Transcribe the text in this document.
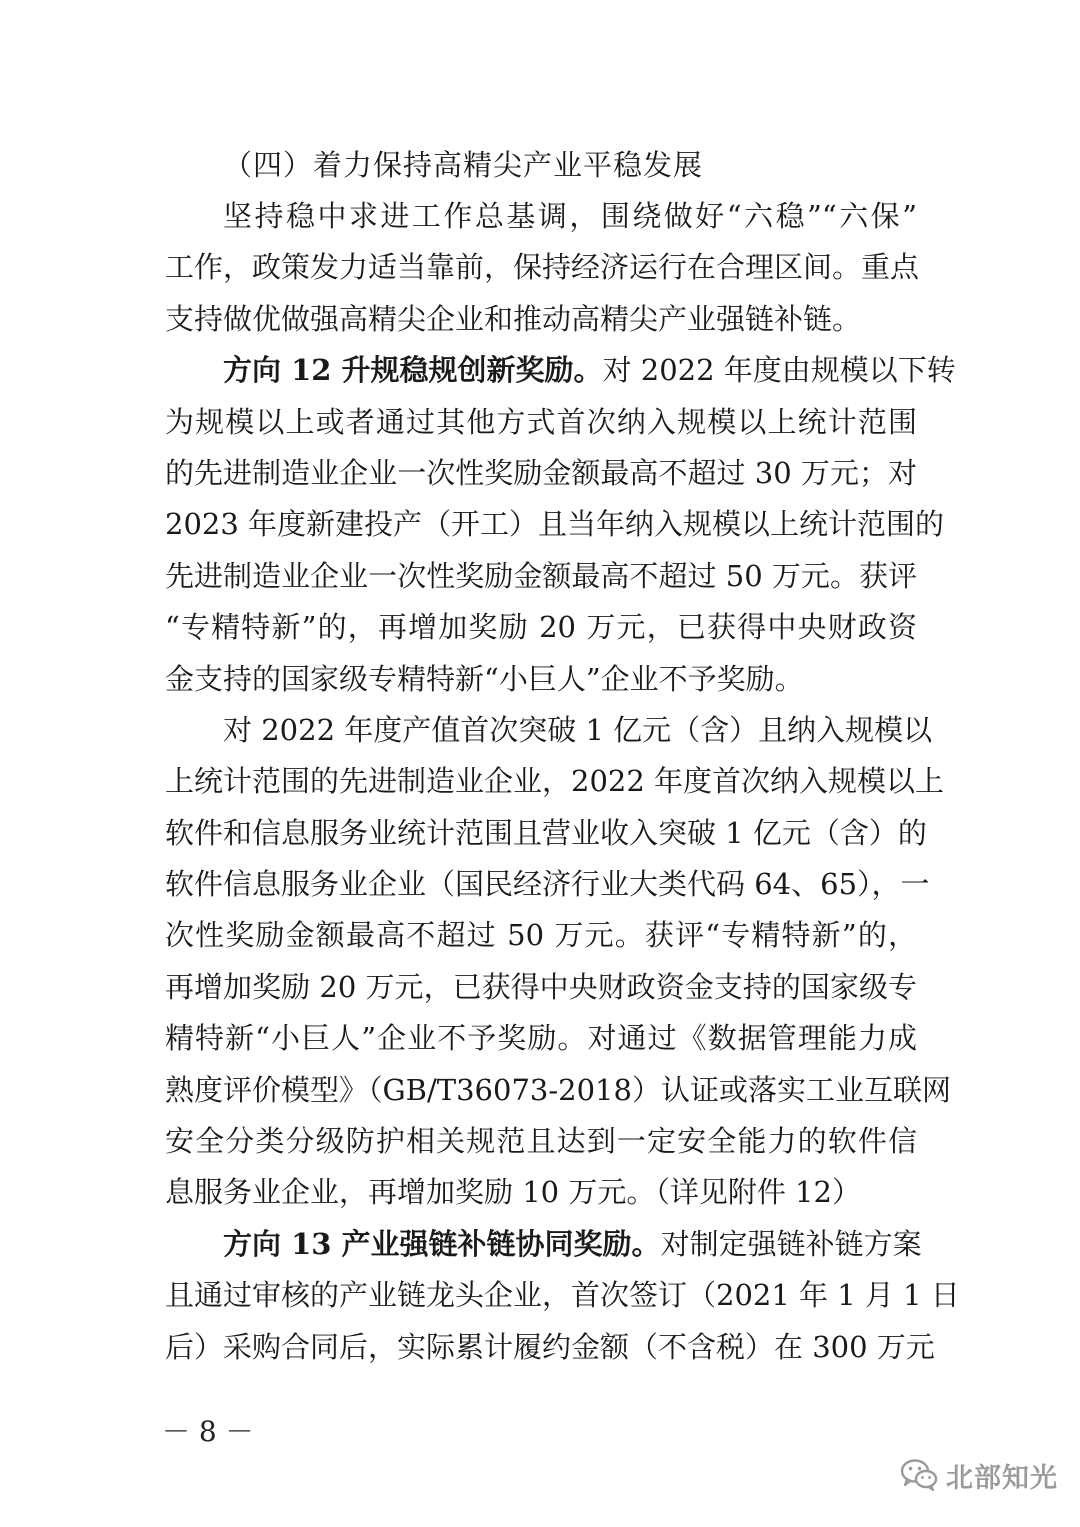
（四）着力保持高精尖产业平稳发展
坚持稳中求进工作总基调，围绕做好“六稳”“六保”
工作，政策发力适当靠前，保持经济运行在合理区间。重点
支持做优做强高精尖企业和推动高精尖产业强链补链。
方向 12 升规稳规创新奖励。对 2022 年度由规模以下转
为规模以上或者通过其他方式首次纳入规模以上统计范围
的先进制造业企业一次性奖励金额最高不超过 30 万元；对
2023 年度新建投产（开工）且当年纳入规模以上统计范围的
先进制造业企业一次性奖励金额最高不超过 50 万元。获评
“专精特新”的，再增加奖励 20 万元，已获得中央财政资
金支持的国家级专精特新“小巨人”企业不予奖励。
对 2022 年度产值首次突破 1 亿元（含）且纳入规模以
上统计范围的先进制造业企业，2022 年度首次纳入规模以上
软件和信息服务业统计范围且营业收入突破 1 亿元（含）的
软件信息服务业企业（国民经济行业大类代码 64、65），一
次性奖励金额最高不超过 50 万元。获评“专精特新”的，
再增加奖励 20 万元，已获得中央财政资金支持的国家级专
精特新“小巨人”企业不予奖励。对通过《数据管理能力成
熟度评价模型》（GB/T36073-2018）认证或落实工业互联网
安全分类分级防护相关规范且达到一定安全能力的软件信
息服务业企业，再增加奖励 10 万元。（详见附件 12）
方向 13 产业强链补链协同奖励。对制定强链补链方案
且通过审核的产业链龙头企业，首次签订（2021 年 1 月 1 日
后）采购合同后，实际累计履约金额（不含税）在 300 万元
－ 8 －
北部知光
